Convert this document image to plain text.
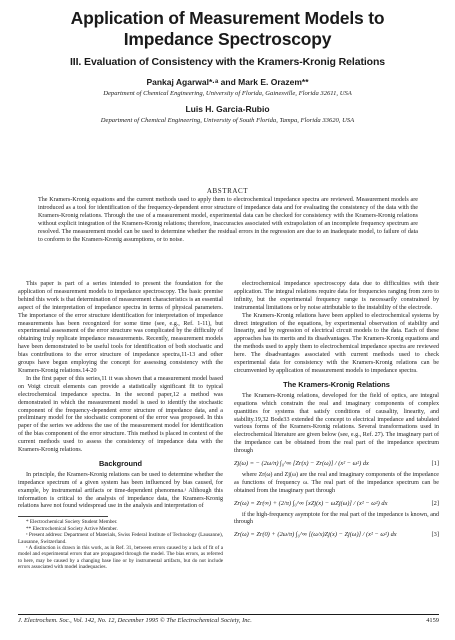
Application of Measurement Models to
Impedance Spectroscopy
III. Evaluation of Consistency with the Kramers-Kronig Relations
Pankaj Agarwal*·ᵃ and Mark E. Orazem**
Department of Chemical Engineering, University of Florida, Gainesville, Florida 32611, USA
Luis H. Garcia-Rubio
Department of Chemical Engineering, University of South Florida, Tampa, Florida 33620, USA
ABSTRACT
The Kramers-Kronig equations and the current methods used to apply them to electrochemical impedance spectra are reviewed. Measurement models are introduced as a tool for identification of the frequency-dependent error structure of impedance data and for evaluating the consistency of the data with the Kramers-Kronig relations. Through the use of a measurement model, experimental data can be checked for consistency with the Kramers-Kronig relations without explicit integration of the Kramers-Kronig relations; therefore, inaccuracies associated with extrapolation of an incomplete frequency spectrum are resolved. The measurement model can be used to determine whether the residual errors in the regression are due to an inadequate model, to failure of data to conform to the Kramers-Kronig assumptions, or to noise.

This paper is part of a series intended to present the foundation for the application of measurement models to impedance spectroscopy. The basic premise behind this work is that determination of measurement characteristics is an essential aspect of the interpretation of impedance spectra in terms of physical parameters. The importance of the error structure identification for interpretation of impedance measurements has been recognized for some time (see, e.g., Ref. 1-11), but experimental assessment of the error structure was complicated by the difficulty of obtaining truly replicate impedance measurements. Recently, measurement models have been demonstrated to be useful tools for identification of both stochastic and bias contributions to the error structure of impedance spectra,11-13 and other groups have begun employing the concept for assessing consistency with the Kramers-Kronig relations.14-20

In the first paper of this series,11 it was shown that a measurement model based on Voigt circuit elements can provide a statistically significant fit to typical electrochemical impedance spectra. In the second paper,12 a method was demonstrated in which the measurement model is used to identify the stochastic component of the frequency-dependent error structure of impedance data, and a preliminary model for the stochastic component of the error was proposed. In this paper of the series we address the use of the measurement model for identification of the bias component of the error structure. This method is placed in context of the current methods used to assess the consistency of impedance data with the Kramers-Kronig relations.

Background

In principle, the Kramers-Kronig relations can be used to determine whether the impedance spectrum of a given system has been influenced by bias caused, for example, by instrumental artifacts or time-dependent phenomena.ᵃ Although this information is critical to the analysis of impedance data, the Kramers-Kronig relations have not found widespread use in the analysis and interpretation of

* Electrochemical Society Student Member.

** Electrochemical Society Active Member.

ᵃ Present address: Department of Materials, Swiss Federal Institute of Technology (Lausanne), Lausanne, Switzerland.

ᵃ A distinction is drawn in this work, as in Ref. 31, between errors caused by a lack of fit of a model and experimental errors that are propagated through the model. The bias errors, as referred to here, may be caused by a changing base line or by instrumental artifacts, but do not include errors associated with model inadequacies.

electrochemical impedance spectroscopy data due to difficulties with their application. The integral relations require data for frequencies ranging from zero to infinity, but the experimental frequency range is necessarily constrained by instrumental limitations or by noise attributable to the instability of the electrode.

The Kramers-Kronig relations have been applied to electrochemical systems by direct integration of the equations, by experimental observation of stability and linearity, and by regression of electrical circuit models to the data. Each of these approaches has its merits and its disadvantages. The Kramers-Kronig equations and the methods used to apply them to electrochemical impedance spectra are reviewed here. The disadvantages associated with current methods used to check experimental data for consistency with the Kramers-Kronig relations can be circumvented by application of measurement models to impedance spectra.

The Kramers-Kronig Relations

The Kramers-Kronig relations, developed for the field of optics, are integral equations which constrain the real and imaginary components of complex quantities for systems that satisfy conditions of causality, linearity, and stability.19,32 Bode33 extended the concept to electrical impedance and tabulated various forms of the Kramers-Kronig relations. Several transformations used in electrochemical literature are given below (see, e.g., Ref. 27). The imaginary part of the impedance can be obtained from the real part of the impedance spectrum through

Zj(ω) = − (2ω/π) ∫₀^∞ [Zr(x) − Zr(ω)] / (x² − ω²) dx	[1]

where Zr(ω) and Zj(ω) are the real and imaginary components of the impedance as functions of frequency ω. The real part of the impedance spectrum can be obtained from the imaginary part through

Zr(ω) = Zr(∞) + (2/π) ∫₀^∞ [xZj(x) − ωZj(ω)] / (x² − ω²) dx	[2]

if the high-frequency asymptote for the real part of the impedance is known, and through

Zr(ω) = Zr(0) + (2ω/π) ∫₀^∞ [(ω/x)Zj(x) − Zj(ω)] / (x² − ω²) dx	[3]
J. Electrochem. Soc., Vol. 142, No. 12, December 1995 © The Electrochemical Society, Inc.	4159
